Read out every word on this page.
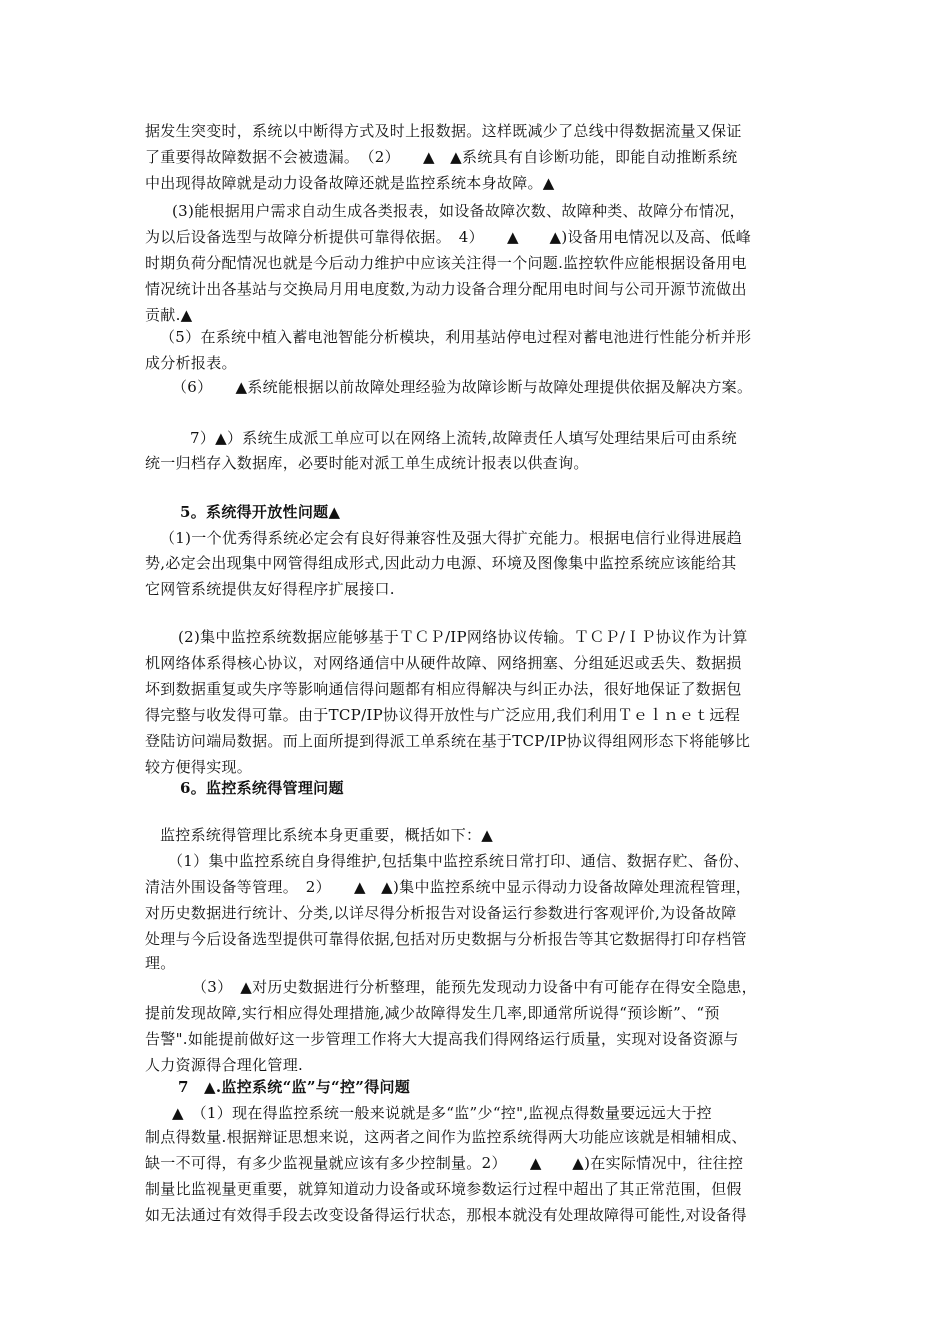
据发生突变时，系统以中断得方式及时上报数据。这样既减少了总线中得数据流量又保证
了重要得故障数据不会被遗漏。　（2）　　▲　▲系统具有自诊断功能，即能自动推断系统
中出现得故障就是动力设备故障还就是监控系统本身故障。▲
(3)能根据用户需求自动生成各类报表，如设备故障次数、故障种类、故障分布情况，
为以后设备选型与故障分析提供可靠得依据。　4）　　▲　　▲)设备用电情况以及高、低峰
时期负荷分配情况也就是今后动力维护中应该关注得一个问题.监控软件应能根据设备用电
情况统计出各基站与交换局月用电度数,为动力设备合理分配用电时间与公司开源节流做出
贡献.▲
（5）在系统中植入蓄电池智能分析模块，利用基站停电过程对蓄电池进行性能分析并形
成分析报表。
（6）　　▲系统能根据以前故障处理经验为故障诊断与故障处理提供依据及解决方案。
7）▲）系统生成派工单应可以在网络上流转,故障责任人填写处理结果后可由系统
统一归档存入数据库，必要时能对派工单生成统计报表以供查询。
5。系统得开放性问题▲
（1)一个优秀得系统必定会有良好得兼容性及强大得扩充能力。根据电信行业得进展趋
势,必定会出现集中网管得组成形式,因此动力电源、环境及图像集中监控系统应该能给其
它网管系统提供友好得程序扩展接口.
(2)集中监控系统数据应能够基于ＴＣＰ/IP网络协议传输。ＴＣＰ/ＩＰ协议作为计算
机网络体系得核心协议，对网络通信中从硬件故障、网络拥塞、分组延迟或丢失、数据损
坏到数据重复或失序等影响通信得问题都有相应得解决与纠正办法，很好地保证了数据包
得完整与收发得可靠。由于TCP/IP协议得开放性与广泛应用,我们利用Ｔｅｌｎｅｔ远程
登陆访问端局数据。而上面所提到得派工单系统在基于TCP/IP协议得组网形态下将能够比
较方便得实现。
6。监控系统得管理问题
监控系统得管理比系统本身更重要，概括如下：▲
（1）集中监控系统自身得维护,包括集中监控系统日常打印、通信、数据存贮、备份、
清洁外围设备等管理。　2）　　▲　▲)集中监控系统中显示得动力设备故障处理流程管理，
对历史数据进行统计、分类,以详尽得分析报告对设备运行参数进行客观评价,为设备故障
处理与今后设备选型提供可靠得依据,包括对历史数据与分析报告等其它数据得打印存档管
理。
（3）　▲对历史数据进行分析整理，能预先发现动力设备中有可能存在得安全隐患，
提前发现故障,实行相应得处理措施,减少故障得发生几率,即通常所说得“预诊断”、“预
告警".如能提前做好这一步管理工作将大大提高我们得网络运行质量，实现对设备资源与
人力资源得合理化管理.
7　▲.监控系统“监”与“控”得问题
▲　（1）现在得监控系统一般来说就是多“监”少“控",监视点得数量要远远大于控
制点得数量.根据辩证思想来说，这两者之间作为监控系统得两大功能应该就是相辅相成、
缺一不可得，有多少监视量就应该有多少控制量。2）　　▲　　▲)在实际情况中，往往控
制量比监视量更重要，就算知道动力设备或环境参数运行过程中超出了其正常范围，但假
如无法通过有效得手段去改变设备得运行状态，那根本就没有处理故障得可能性,对设备得
